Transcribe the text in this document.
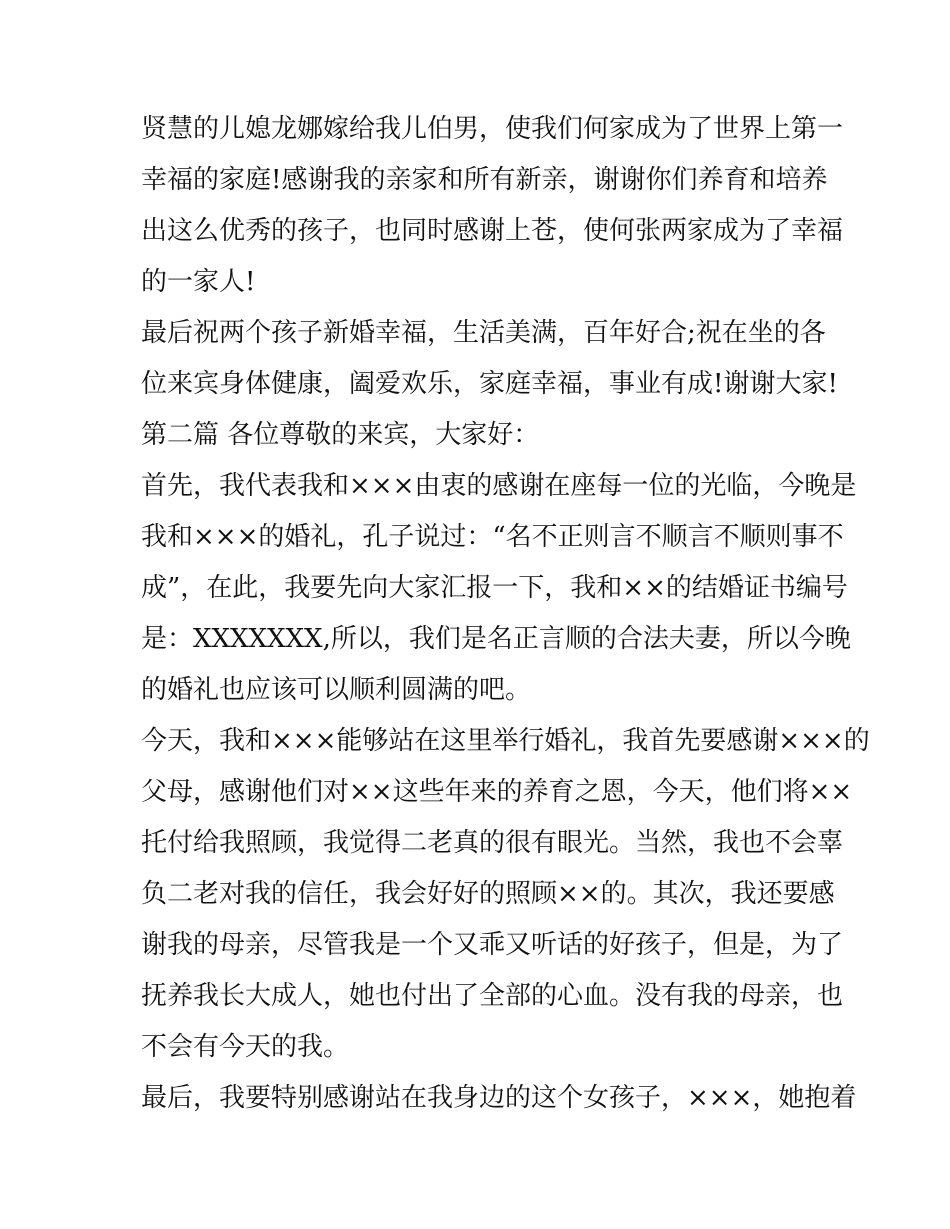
贤慧的儿媳龙娜嫁给我儿伯男，使我们何家成为了世界上第一
幸福的家庭!感谢我的亲家和所有新亲，谢谢你们养育和培养
出这么优秀的孩子，也同时感谢上苍，使何张两家成为了幸福
的一家人!
最后祝两个孩子新婚幸福，生活美满，百年好合;祝在坐的各
位来宾身体健康，阖爱欢乐，家庭幸福，事业有成!谢谢大家!
第二篇 各位尊敬的来宾，大家好：
首先，我代表我和×××由衷的感谢在座每一位的光临，今晚是
我和×××的婚礼，孔子说过：“名不正则言不顺言不顺则事不
成”，在此，我要先向大家汇报一下，我和××的结婚证书编号
是：XXXXXXX,所以，我们是名正言顺的合法夫妻，所以今晚
的婚礼也应该可以顺利圆满的吧。
今天，我和×××能够站在这里举行婚礼，我首先要感谢×××的
父母，感谢他们对××这些年来的养育之恩，今天，他们将××
托付给我照顾，我觉得二老真的很有眼光。当然，我也不会辜
负二老对我的信任，我会好好的照顾××的。其次，我还要感
谢我的母亲，尽管我是一个又乖又听话的好孩子，但是，为了
抚养我长大成人，她也付出了全部的心血。没有我的母亲，也
不会有今天的我。
最后，我要特别感谢站在我身边的这个女孩子，×××，她抱着
